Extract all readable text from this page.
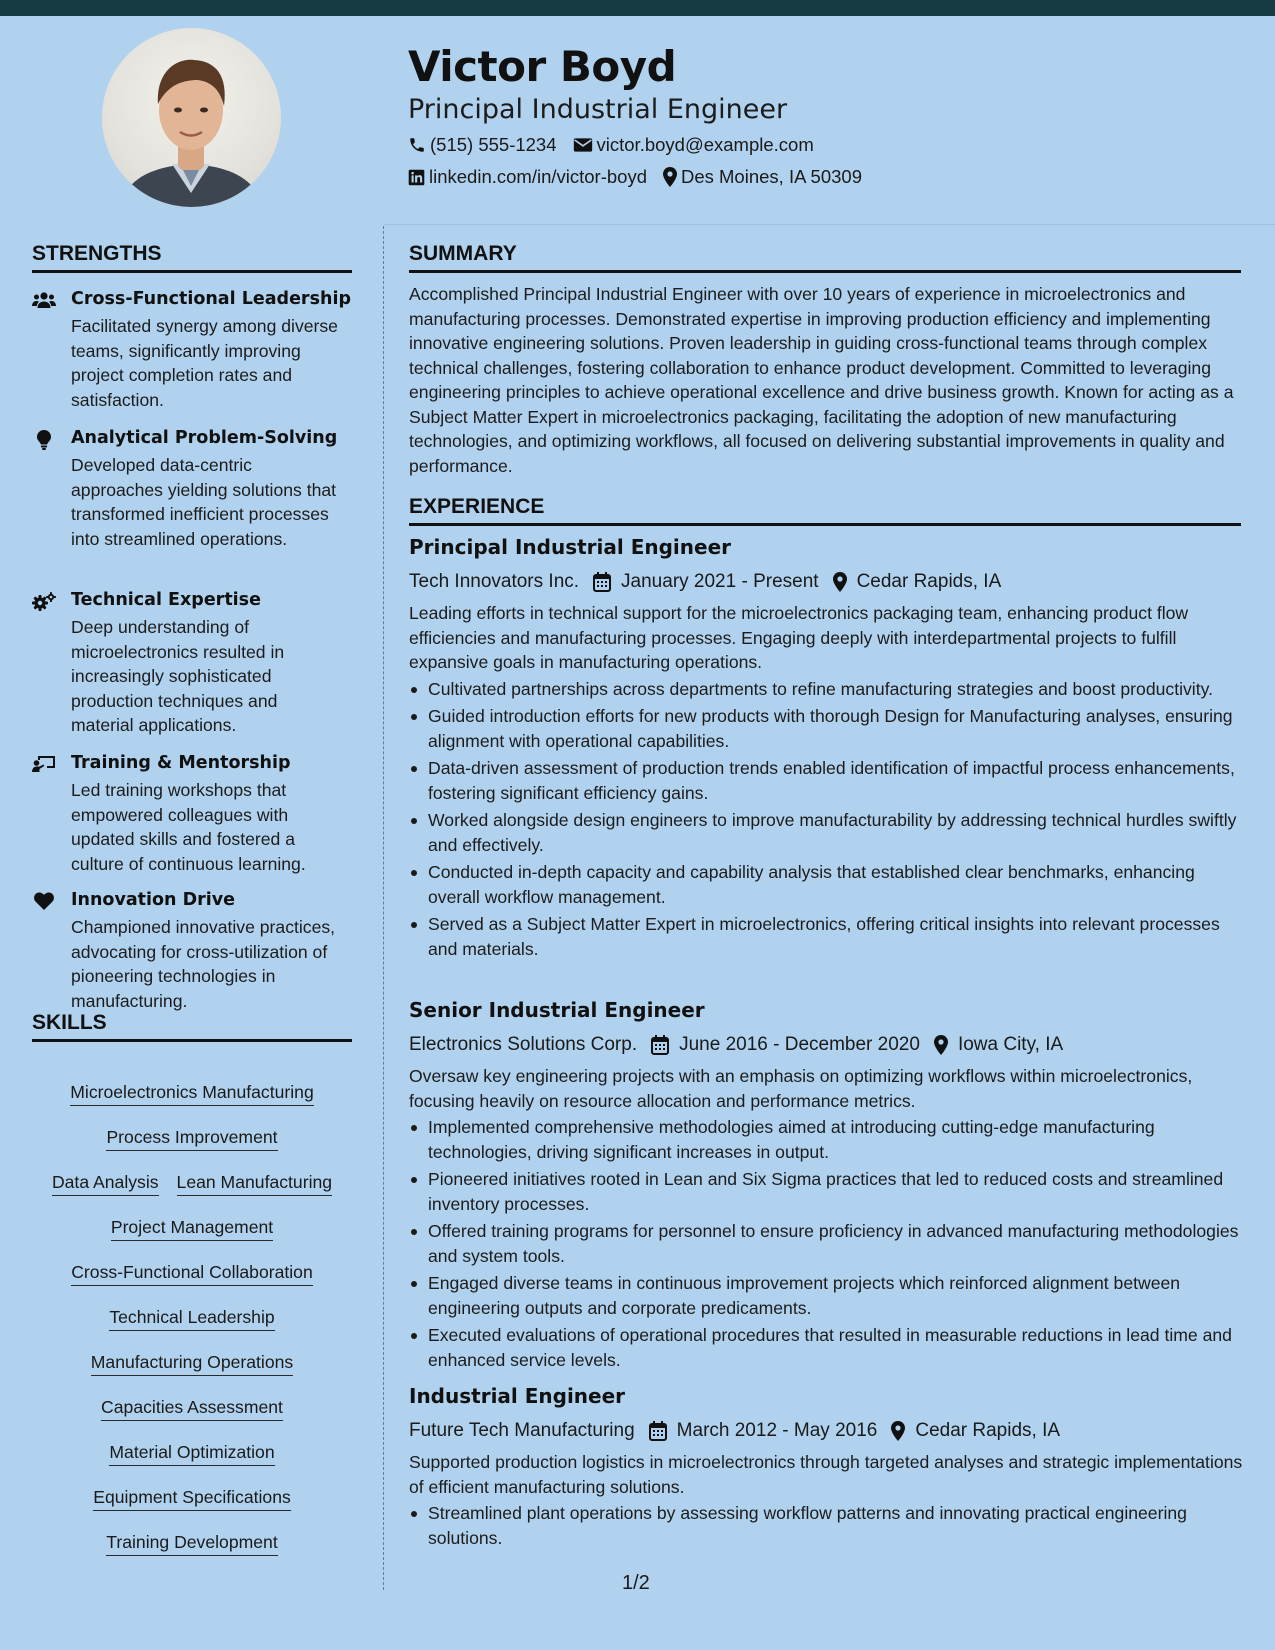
Victor Boyd
Principal Industrial Engineer
(515) 555-1234 victor.boyd@example.com
linkedin.com/in/victor-boyd Des Moines, IA 50309
STRENGTHS
Cross-Functional Leadership
Facilitated synergy among diverse teams, significantly improving project completion rates and satisfaction.
Analytical Problem-Solving
Developed data-centric approaches yielding solutions that transformed inefficient processes into streamlined operations.
Technical Expertise
Deep understanding of microelectronics resulted in increasingly sophisticated production techniques and material applications.
Training & Mentorship
Led training workshops that empowered colleagues with updated skills and fostered a culture of continuous learning.
Innovation Drive
Championed innovative practices, advocating for cross-utilization of pioneering technologies in manufacturing.
SKILLS
Microelectronics Manufacturing
Process Improvement
Data Analysis Lean Manufacturing
Project Management
Cross-Functional Collaboration
Technical Leadership
Manufacturing Operations
Capacities Assessment
Material Optimization
Equipment Specifications
Training Development
SUMMARY
Accomplished Principal Industrial Engineer with over 10 years of experience in microelectronics and manufacturing processes. Demonstrated expertise in improving production efficiency and implementing innovative engineering solutions. Proven leadership in guiding cross-functional teams through complex technical challenges, fostering collaboration to enhance product development. Committed to leveraging engineering principles to achieve operational excellence and drive business growth. Known for acting as a Subject Matter Expert in microelectronics packaging, facilitating the adoption of new manufacturing technologies, and optimizing workflows, all focused on delivering substantial improvements in quality and performance.
EXPERIENCE
Principal Industrial Engineer
Tech Innovators Inc. January 2021 - Present Cedar Rapids, IA
Leading efforts in technical support for the microelectronics packaging team, enhancing product flow efficiencies and manufacturing processes. Engaging deeply with interdepartmental projects to fulfill expansive goals in manufacturing operations.
Cultivated partnerships across departments to refine manufacturing strategies and boost productivity.
Guided introduction efforts for new products with thorough Design for Manufacturing analyses, ensuring alignment with operational capabilities.
Data-driven assessment of production trends enabled identification of impactful process enhancements, fostering significant efficiency gains.
Worked alongside design engineers to improve manufacturability by addressing technical hurdles swiftly and effectively.
Conducted in-depth capacity and capability analysis that established clear benchmarks, enhancing overall workflow management.
Served as a Subject Matter Expert in microelectronics, offering critical insights into relevant processes and materials.
Senior Industrial Engineer
Electronics Solutions Corp. June 2016 - December 2020 Iowa City, IA
Oversaw key engineering projects with an emphasis on optimizing workflows within microelectronics, focusing heavily on resource allocation and performance metrics.
Implemented comprehensive methodologies aimed at introducing cutting-edge manufacturing technologies, driving significant increases in output.
Pioneered initiatives rooted in Lean and Six Sigma practices that led to reduced costs and streamlined inventory processes.
Offered training programs for personnel to ensure proficiency in advanced manufacturing methodologies and system tools.
Engaged diverse teams in continuous improvement projects which reinforced alignment between engineering outputs and corporate predicaments.
Executed evaluations of operational procedures that resulted in measurable reductions in lead time and enhanced service levels.
Industrial Engineer
Future Tech Manufacturing March 2012 - May 2016 Cedar Rapids, IA
Supported production logistics in microelectronics through targeted analyses and strategic implementations of efficient manufacturing solutions.
Streamlined plant operations by assessing workflow patterns and innovating practical engineering solutions.
1/2
